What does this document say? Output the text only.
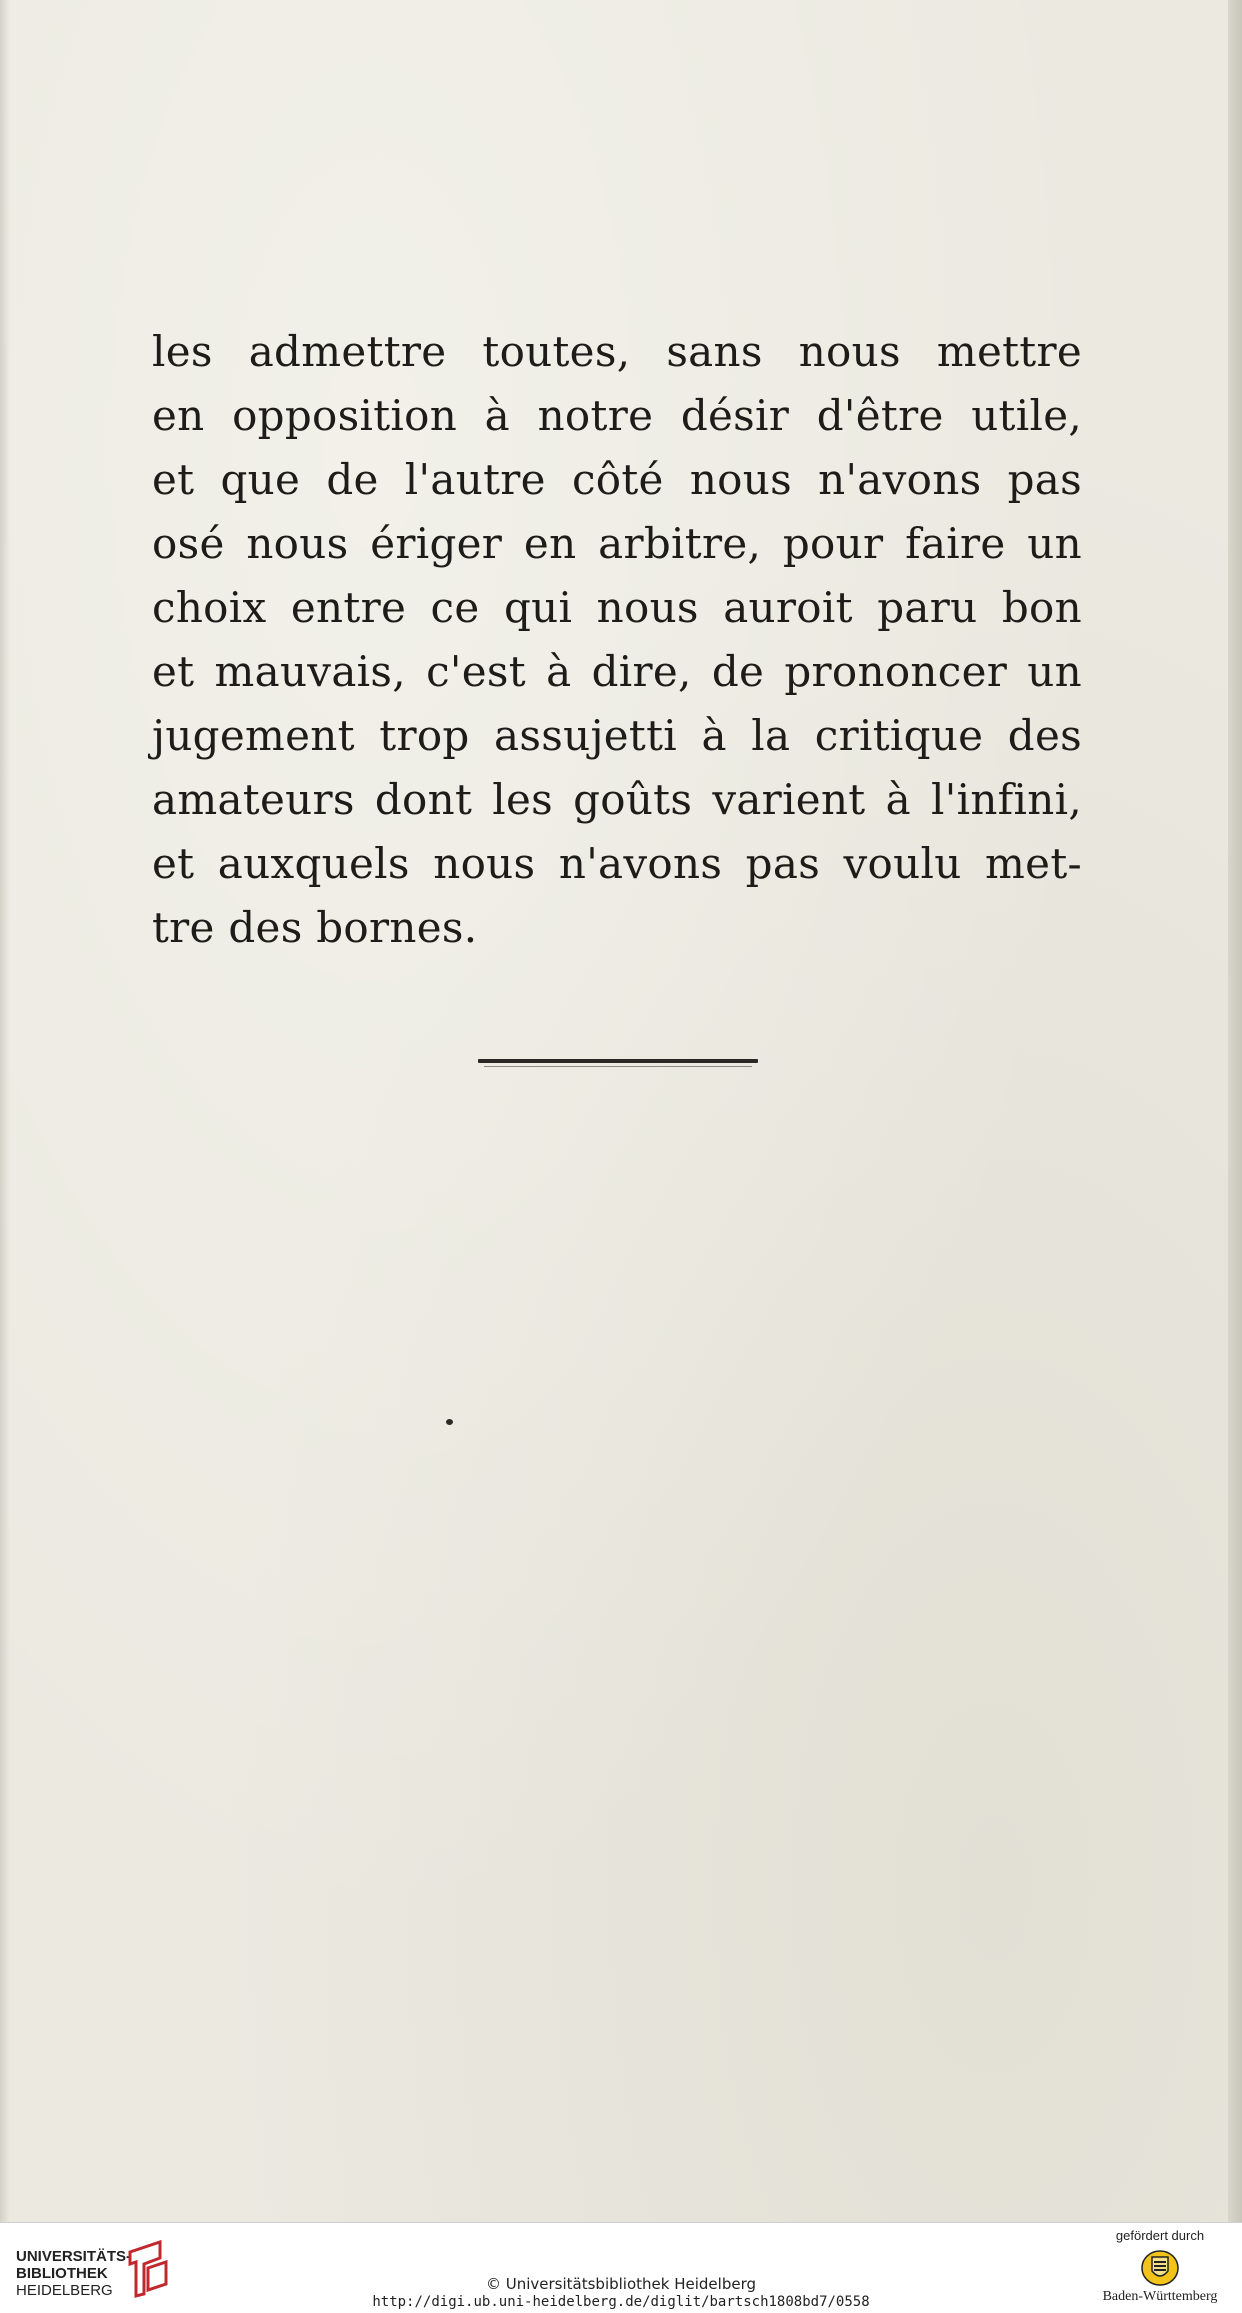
les admettre toutes, sans nous mettre
en opposition à notre désir d'être utile,
et que de l'autre côté nous n'avons pas
osé nous ériger en arbitre, pour faire un
choix entre ce qui nous auroit paru bon
et mauvais, c'est à dire, de prononcer un
jugement trop assujetti à la critique des
amateurs dont les goûts varient à l'infini,
et auxquels nous n'avons pas voulu met-
tre des bornes.
UNIVERSITÄTS-
BIBLIOTHEK
HEIDELBERG	© Universitätsbibliothek Heidelberg
http://digi.ub.uni-heidelberg.de/diglit/bartsch1808bd7/0558
gefördert durch
Baden-Württemberg
